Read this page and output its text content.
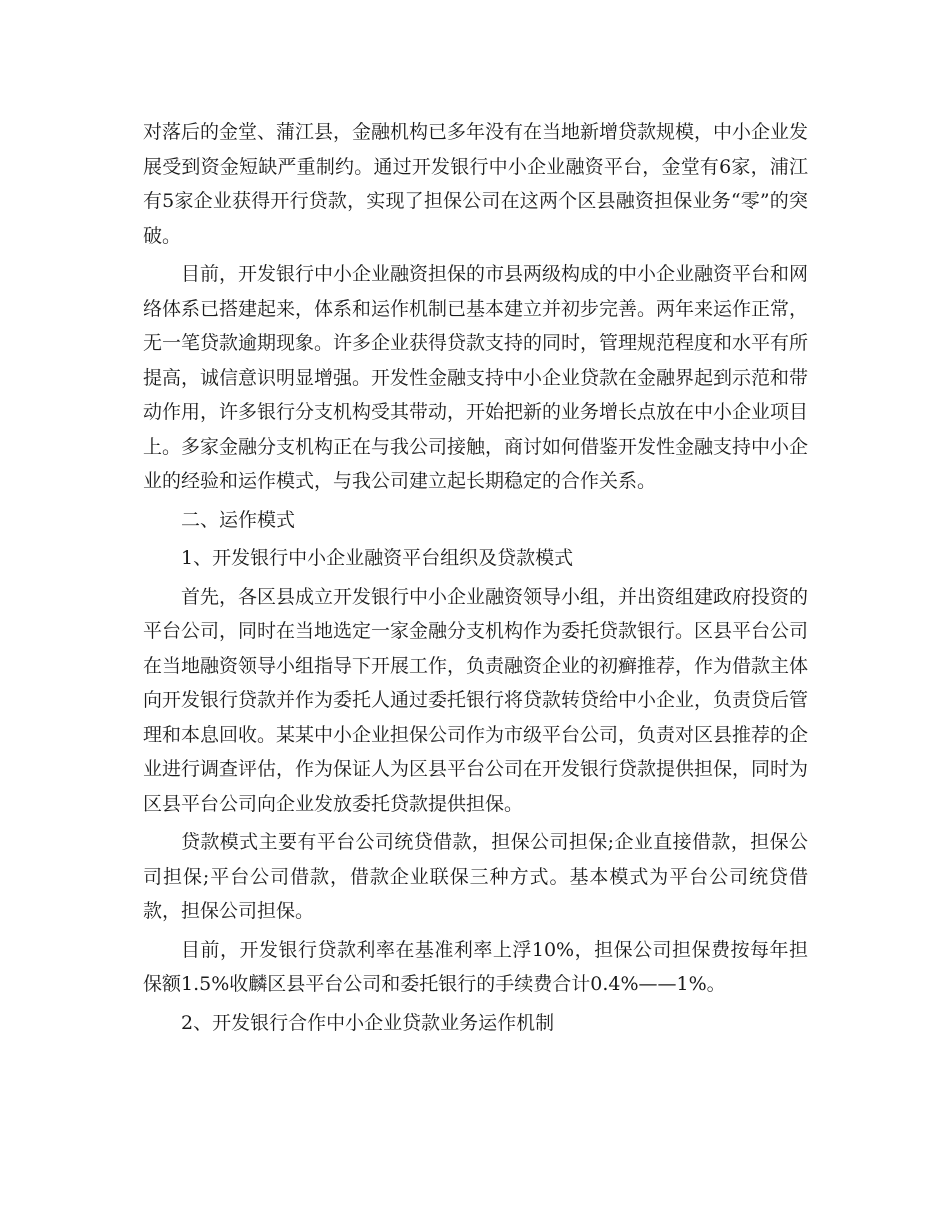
对落后的金堂、蒲江县，金融机构已多年没有在当地新增贷款规模，中小企业发展受到资金短缺严重制约。通过开发银行中小企业融资平台，金堂有6家，浦江有5家企业获得开行贷款，实现了担保公司在这两个区县融资担保业务“零”的突破。

目前，开发银行中小企业融资担保的市县两级构成的中小企业融资平台和网络体系已搭建起来，体系和运作机制已基本建立并初步完善。两年来运作正常，无一笔贷款逾期现象。许多企业获得贷款支持的同时，管理规范程度和水平有所提高，诚信意识明显增强。开发性金融支持中小企业贷款在金融界起到示范和带动作用，许多银行分支机构受其带动，开始把新的业务增长点放在中小企业项目上。多家金融分支机构正在与我公司接触，商讨如何借鉴开发性金融支持中小企业的经验和运作模式，与我公司建立起长期稳定的合作关系。

二、运作模式

1、开发银行中小企业融资平台组织及贷款模式

首先，各区县成立开发银行中小企业融资领导小组，并出资组建政府投资的平台公司，同时在当地选定一家金融分支机构作为委托贷款银行。区县平台公司在当地融资领导小组指导下开展工作，负责融资企业的初癣推荐，作为借款主体向开发银行贷款并作为委托人通过委托银行将贷款转贷给中小企业，负责贷后管理和本息回收。某某中小企业担保公司作为市级平台公司，负责对区县推荐的企业进行调查评估，作为保证人为区县平台公司在开发银行贷款提供担保，同时为区县平台公司向企业发放委托贷款提供担保。

贷款模式主要有平台公司统贷借款，担保公司担保;企业直接借款，担保公司担保;平台公司借款，借款企业联保三种方式。基本模式为平台公司统贷借款，担保公司担保。

目前，开发银行贷款利率在基准利率上浮10%，担保公司担保费按每年担保额1.5%收麟区县平台公司和委托银行的手续费合计0.4%——1%。

2、开发银行合作中小企业贷款业务运作机制
